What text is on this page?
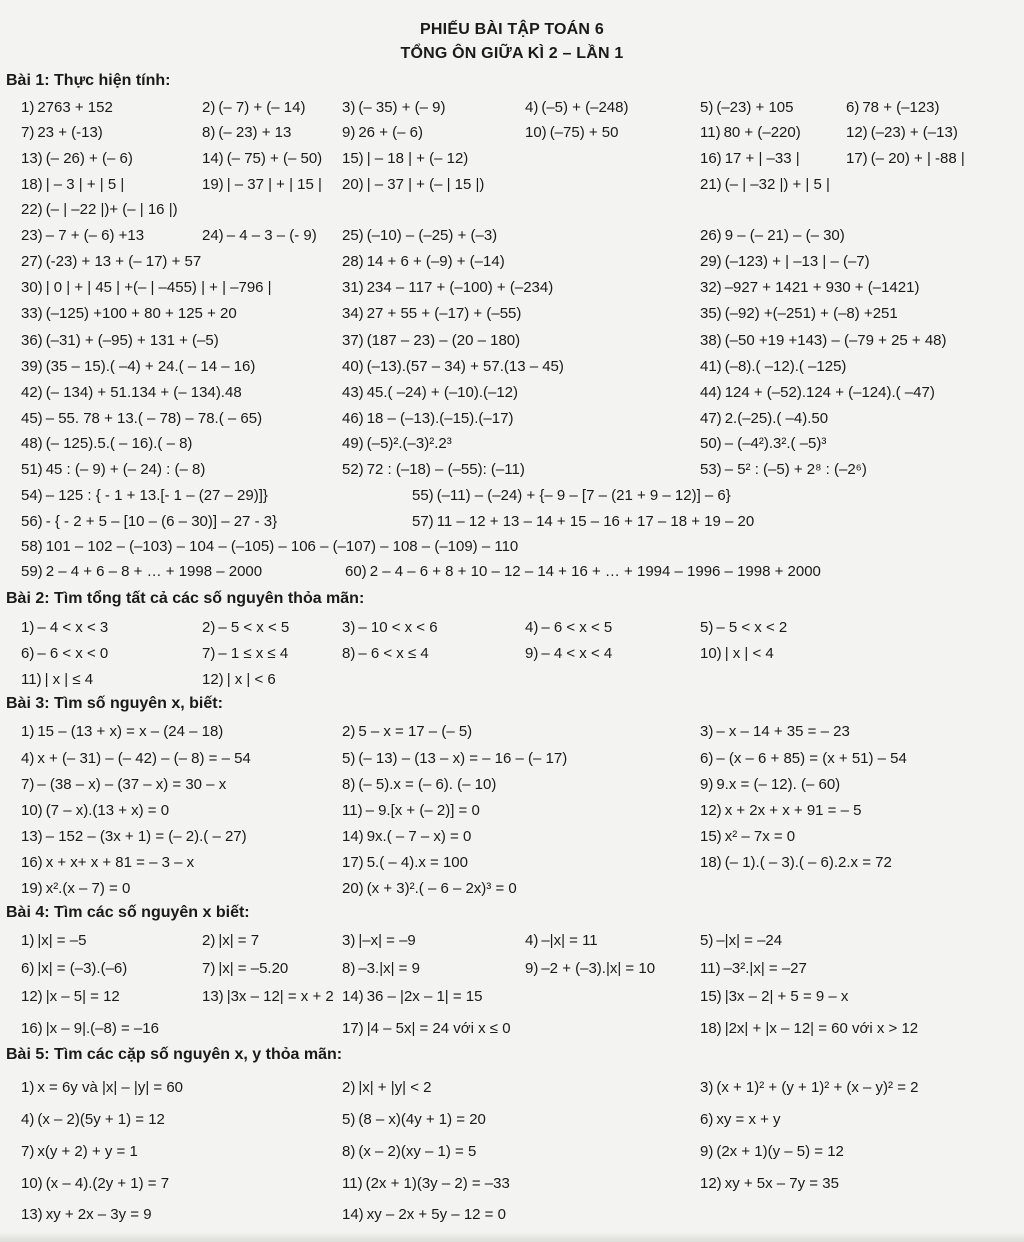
PHIẾU BÀI TẬP TOÁN 6
TỔNG ÔN GIỮA KÌ 2 – LẦN 1
Bài 1: Thực hiện tính:
1) 2763 + 152	2) (– 7) + (– 14) 3) (– 35) + (– 9)	4) (–5) + (–248)	5) (–23) + 105	6) 78 + (–123)
7) 23 + (-13)	8) (– 23) + 13	9) 26 + (– 6)	10) (–75) + 50	11) 80 + (–220)	12) (–23) + (–13)
13) (– 26) + (– 6)	14) (– 75) + (– 50) 15) | – 18 | + (– 12)	16) 17 + | –33 |	17) (– 20) + | -88 |
18) | – 3 | + | 5 |	19) | – 37 | + | 15 | 20) | – 37 | + (– | 15 |)	21) (– | –32 |) + | 5 |
22) (– | –22 |)+ (– | 16 |)
23) – 7 + (– 6) +13	24) – 4 – 3 – (- 9) 25) (–10) – (–25) + (–3)	26) 9 – (– 21) – (– 30)
27) (-23) + 13 + (– 17) + 57	28) 14 + 6 + (–9) + (–14)	29) (–123) + | –13 | – (–7)
30) | 0 | + | 45 | +(– | –455) | + | –796 |	31) 234 – 117 + (–100) + (–234)	32) –927 + 1421 + 930 + (–1421)
33) (–125) +100 + 80 + 125 + 20	34) 27 + 55 + (–17) + (–55)	35) (–92) +(–251) + (–8) +251
36) (–31) + (–95) + 131 + (–5)	37) (187 – 23) – (20 – 180)	38) (–50 +19 +143) – (–79 + 25 + 48)
39) (35 – 15).( –4) + 24.( – 14 – 16)	40) (–13).(57 – 34) + 57.(13 – 45)	41) (–8).( –12).( –125)
42) (– 134) + 51.134 + (– 134).48	43) 45.( –24) + (–10).(–12)	44) 124 + (–52).124 + (–124).( –47)
45) – 55. 78 + 13.( – 78) – 78.( – 65)	46) 18 – (–13).(–15).(–17)	47) 2.(–25).( –4).50
48) (– 125).5.( – 16).( – 8)	49) (–5)².(–3)².2³	50) – (–4²).3².( –5)³
51) 45 : (– 9) + (– 24) : (– 8)	52) 72 : (–18) – (–55): (–11)	53) – 5² : (–5) + 2⁸ : (–2⁶)
54) – 125 : { - 1 + 13.[- 1 – (27 – 29)]}	55) (–11) – (–24) + {– 9 – [7 – (21 + 9 – 12)] – 6}
56) - { - 2 + 5 – [10 – (6 – 30)] – 27 - 3}	57) 11 – 12 + 13 – 14 + 15 – 16 + 17 – 18 + 19 – 20
58) 101 – 102 – (–103) – 104 – (–105) – 106 – (–107) – 108 – (–109) – 110
59) 2 – 4 + 6 – 8 + … + 1998 – 2000	60) 2 – 4 – 6 + 8 + 10 – 12 – 14 + 16 + … + 1994 – 1996 – 1998 + 2000
Bài 2: Tìm tổng tất cả các số nguyên thỏa mãn:
1) – 4 < x < 3	2) – 5 < x < 5	3) – 10 < x < 6	4) – 6 < x < 5	5) – 5 < x < 2
6) – 6 < x < 0	7) – 1 ≤ x ≤ 4	8) – 6 < x ≤ 4	9) – 4 < x < 4	10) | x | < 4
11) | x | ≤ 4	12) | x | < 6
Bài 3: Tìm số nguyên x, biết:
1) 15 – (13 + x) = x – (24 – 18)	2) 5 – x = 17 – (– 5)	3) – x – 14 + 35 = – 23
4) x + (– 31) – (– 42) – (– 8) = – 54	5) (– 13) – (13 – x) = – 16 – (– 17)	6) – (x – 6 + 85) = (x + 51) – 54
7) – (38 – x) – (37 – x) = 30 – x	8) (– 5).x = (– 6). (– 10)	9) 9.x = (– 12). (– 60)
10) (7 – x).(13 + x) = 0	11) – 9.[x + (– 2)] = 0	12) x + 2x + x + 91 = – 5
13) – 152 – (3x + 1) = (– 2).( – 27)	14) 9x.( – 7 – x) = 0	15) x² – 7x = 0
16) x + x+ x + 81 = – 3 – x	17) 5.( – 4).x = 100	18) (– 1).( – 3).( – 6).2.x = 72
19) x².(x – 7) = 0	20) (x + 3)².( – 6 – 2x)³ = 0
Bài 4: Tìm các số nguyên x biết:
1) |x| = –5	2) |x| = 7	3) |–x| = –9	4) –|x| = 11	5) –|x| = –24
6) |x| = (–3).(–6)	7) |x| = –5.20	8) –3.|x| = 9	9) –2 + (–3).|x| = 10	11) –3².|x| = –27
12) |x – 5| = 12	13) |3x – 12| = x + 2 14) 36 – |2x – 1| = 15	15) |3x – 2| + 5 = 9 – x
16) |x – 9|.(–8) = –16	17) |4 – 5x| = 24 với x ≤ 0	18) |2x| + |x – 12| = 60 với x > 12
Bài 5: Tìm các cặp số nguyên x, y thỏa mãn:
1) x = 6y và |x| – |y| = 60	2) |x| + |y| < 2	3) (x + 1)² + (y + 1)² + (x – y)² = 2
4) (x – 2)(5y + 1) = 12	5) (8 – x)(4y + 1) = 20	6) xy = x + y
7) x(y + 2) + y = 1	8) (x – 2)(xy – 1) = 5	9) (2x + 1)(y – 5) = 12
10) (x – 4).(2y + 1) = 7	11) (2x + 1)(3y – 2) = –33	12) xy + 5x – 7y = 35
13) xy + 2x – 3y = 9	14) xy – 2x + 5y – 12 = 0
